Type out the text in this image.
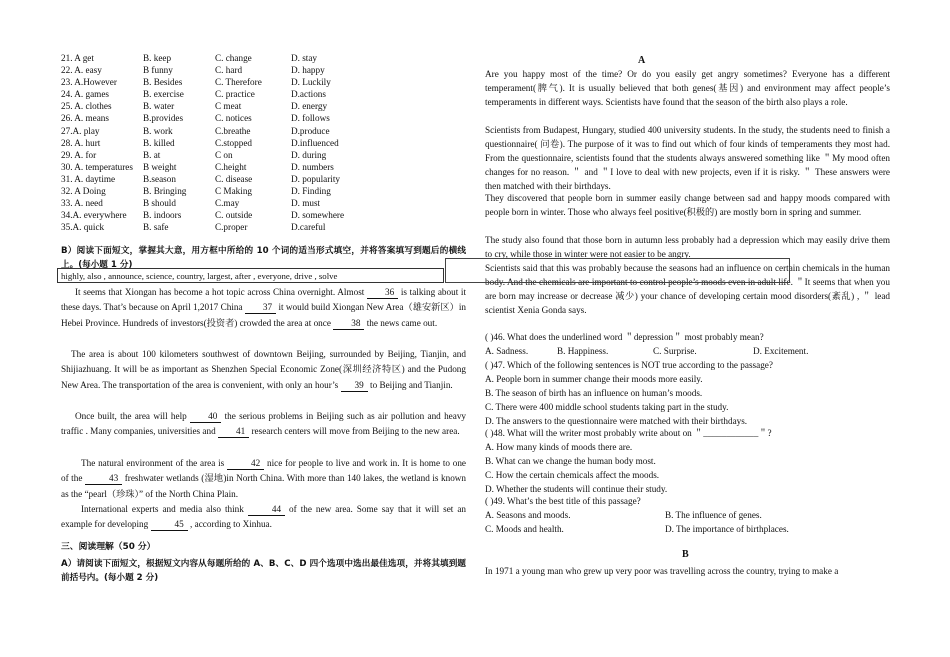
21. A get	B. keep	C. change	D. stay
22. A. easy	B funny	C. hard	D. happy
23. A.However	B. Besides	C. Therefore	D. Luckily
24. A. games	B. exercise	C. practice	D.actions
25. A. clothes	B. water	C meat	D. energy
26. A. means	B.provides	C. notices	D. follows
27.A. play	B. work	C.breathe	D.produce
28. A. hurt	B. killed	C.stopped	D.influenced
29. A. for	B. at	C on	D. during
30. A. temperatures	B weight	C.height	D. numbers
31. A. daytime	B.season	C. disease	D. popularity
32. A Doing	B. Bringing	C Making	D. Finding
33. A. need	B should	C.may	D. must
34.A. everywhere	B. indoors	C. outside	D. somewhere
35.A. quick	B. safe	C.proper	D.careful
B）阅读下面短文，掌握其大意，用方框中所给的 10 个词的适当形式填空，并将答案填写到题后的横线上。(每小题 1 分)
highly, also , announce, science, country, largest, after , everyone, drive , solve
It seems that Xiongan has become a hot topic across China overnight. Almost 36 is talking about it these days. That’s because on April 1,2017 China 37 it would build Xiongan New Area（雄安新区）in Hebei Province. Hundreds of investors(投资者) crowded the area at once 38 the news came out.
The area is about 100 kilometers southwest of downtown Beijing, surrounded by Beijing, Tianjin, and Shijiazhuang. It will be as important as Shenzhen Special Economic Zone(深圳经济特区) and the Pudong New Area. The transportation of the area is convenient, with only an hour’s 39 to Beijing and Tianjin.
Once built, the area will help 40 the serious problems in Beijing such as air pollution and heavy traffic . Many companies, universities and 41 research centers will move from Beijing to the new area.
The natural environment of the area is	42 nice for people to live and work in. It is home to one of the	43 freshwater wetlands (湿地)in North China. With more than 140 lakes, the wetland is known as the “pearl（珍珠）” of the North China Plain.
International experts and media also think	44 of the new area. Some say that it will set an example for developing	45 , according to Xinhua.
三、阅读理解（50 分）
A）请阅读下面短文，根据短文内容从每题所给的 A、B、C、D 四个选项中选出最佳选项，并将其填到题前括号内。(每小题 2 分)
A
Are you happy most of the time? Or do you easily get angry sometimes? Everyone has a different temperament(脾气). It is usually believed that both genes(基因) and environment may affect people’s temperaments in different ways. Scientists have found that the season of the birth also plays a role.
Scientists from Budapest, Hungary, studied 400 university students. In the study, the students need to finish a questionnaire( 问卷). The purpose of it was to find out which of four kinds of temperaments they most had. From the questionnaire, scientists found that the students always answered something like ＂My mood often changes for no reason. ＂ and ＂I love to deal with new projects, even if it is risky. ＂ These answers were then matched with their birthdays.
They discovered that people born in summer easily change between sad and happy moods compared with people born in winter. Those who always feel positive(积极的) are mostly born in spring and summer.
The study also found that those born in autumn less probably had a depression which may easily drive them to cry, while those in winter were not easier to be angry.
Scientists said that this was probably because the seasons had an influence on certain chemicals in the human body. And the chemicals are important to control people’s moods even in adult life. ＂It seems that when you are born may increase or decrease 减少) your chance of developing certain mood disorders(紊乱) , ＂ lead scientist Xenia Gonda says.
( )46. What does the underlined word ＂depression＂ most probably mean?
A. Sadness.	B. Happiness.	C. Surprise.	D. Excitement.
( )47. Which of the following sentences is NOT true according to the passage?
A. People born in summer change their moods more easily.
B. The season of birth has an influence on human’s moods.
C. There were 400 middle school students taking part in the study.
D. The answers to the questionnaire were matched with their birthdays.
( )48. What will the writer most probably write about on ＂____________＂?
A. How many kinds of moods there are.
B. What can we change the human body most.
C. How the certain chemicals affect the moods.
D. Whether the students will continue their study.
( )49. What’s the best title of this passage?
A. Seasons and moods.	B. The influence of genes.
C. Moods and health.	D. The importance of birthplaces.
B
In 1971 a young man who grew up very poor was travelling across the country, trying to make a
